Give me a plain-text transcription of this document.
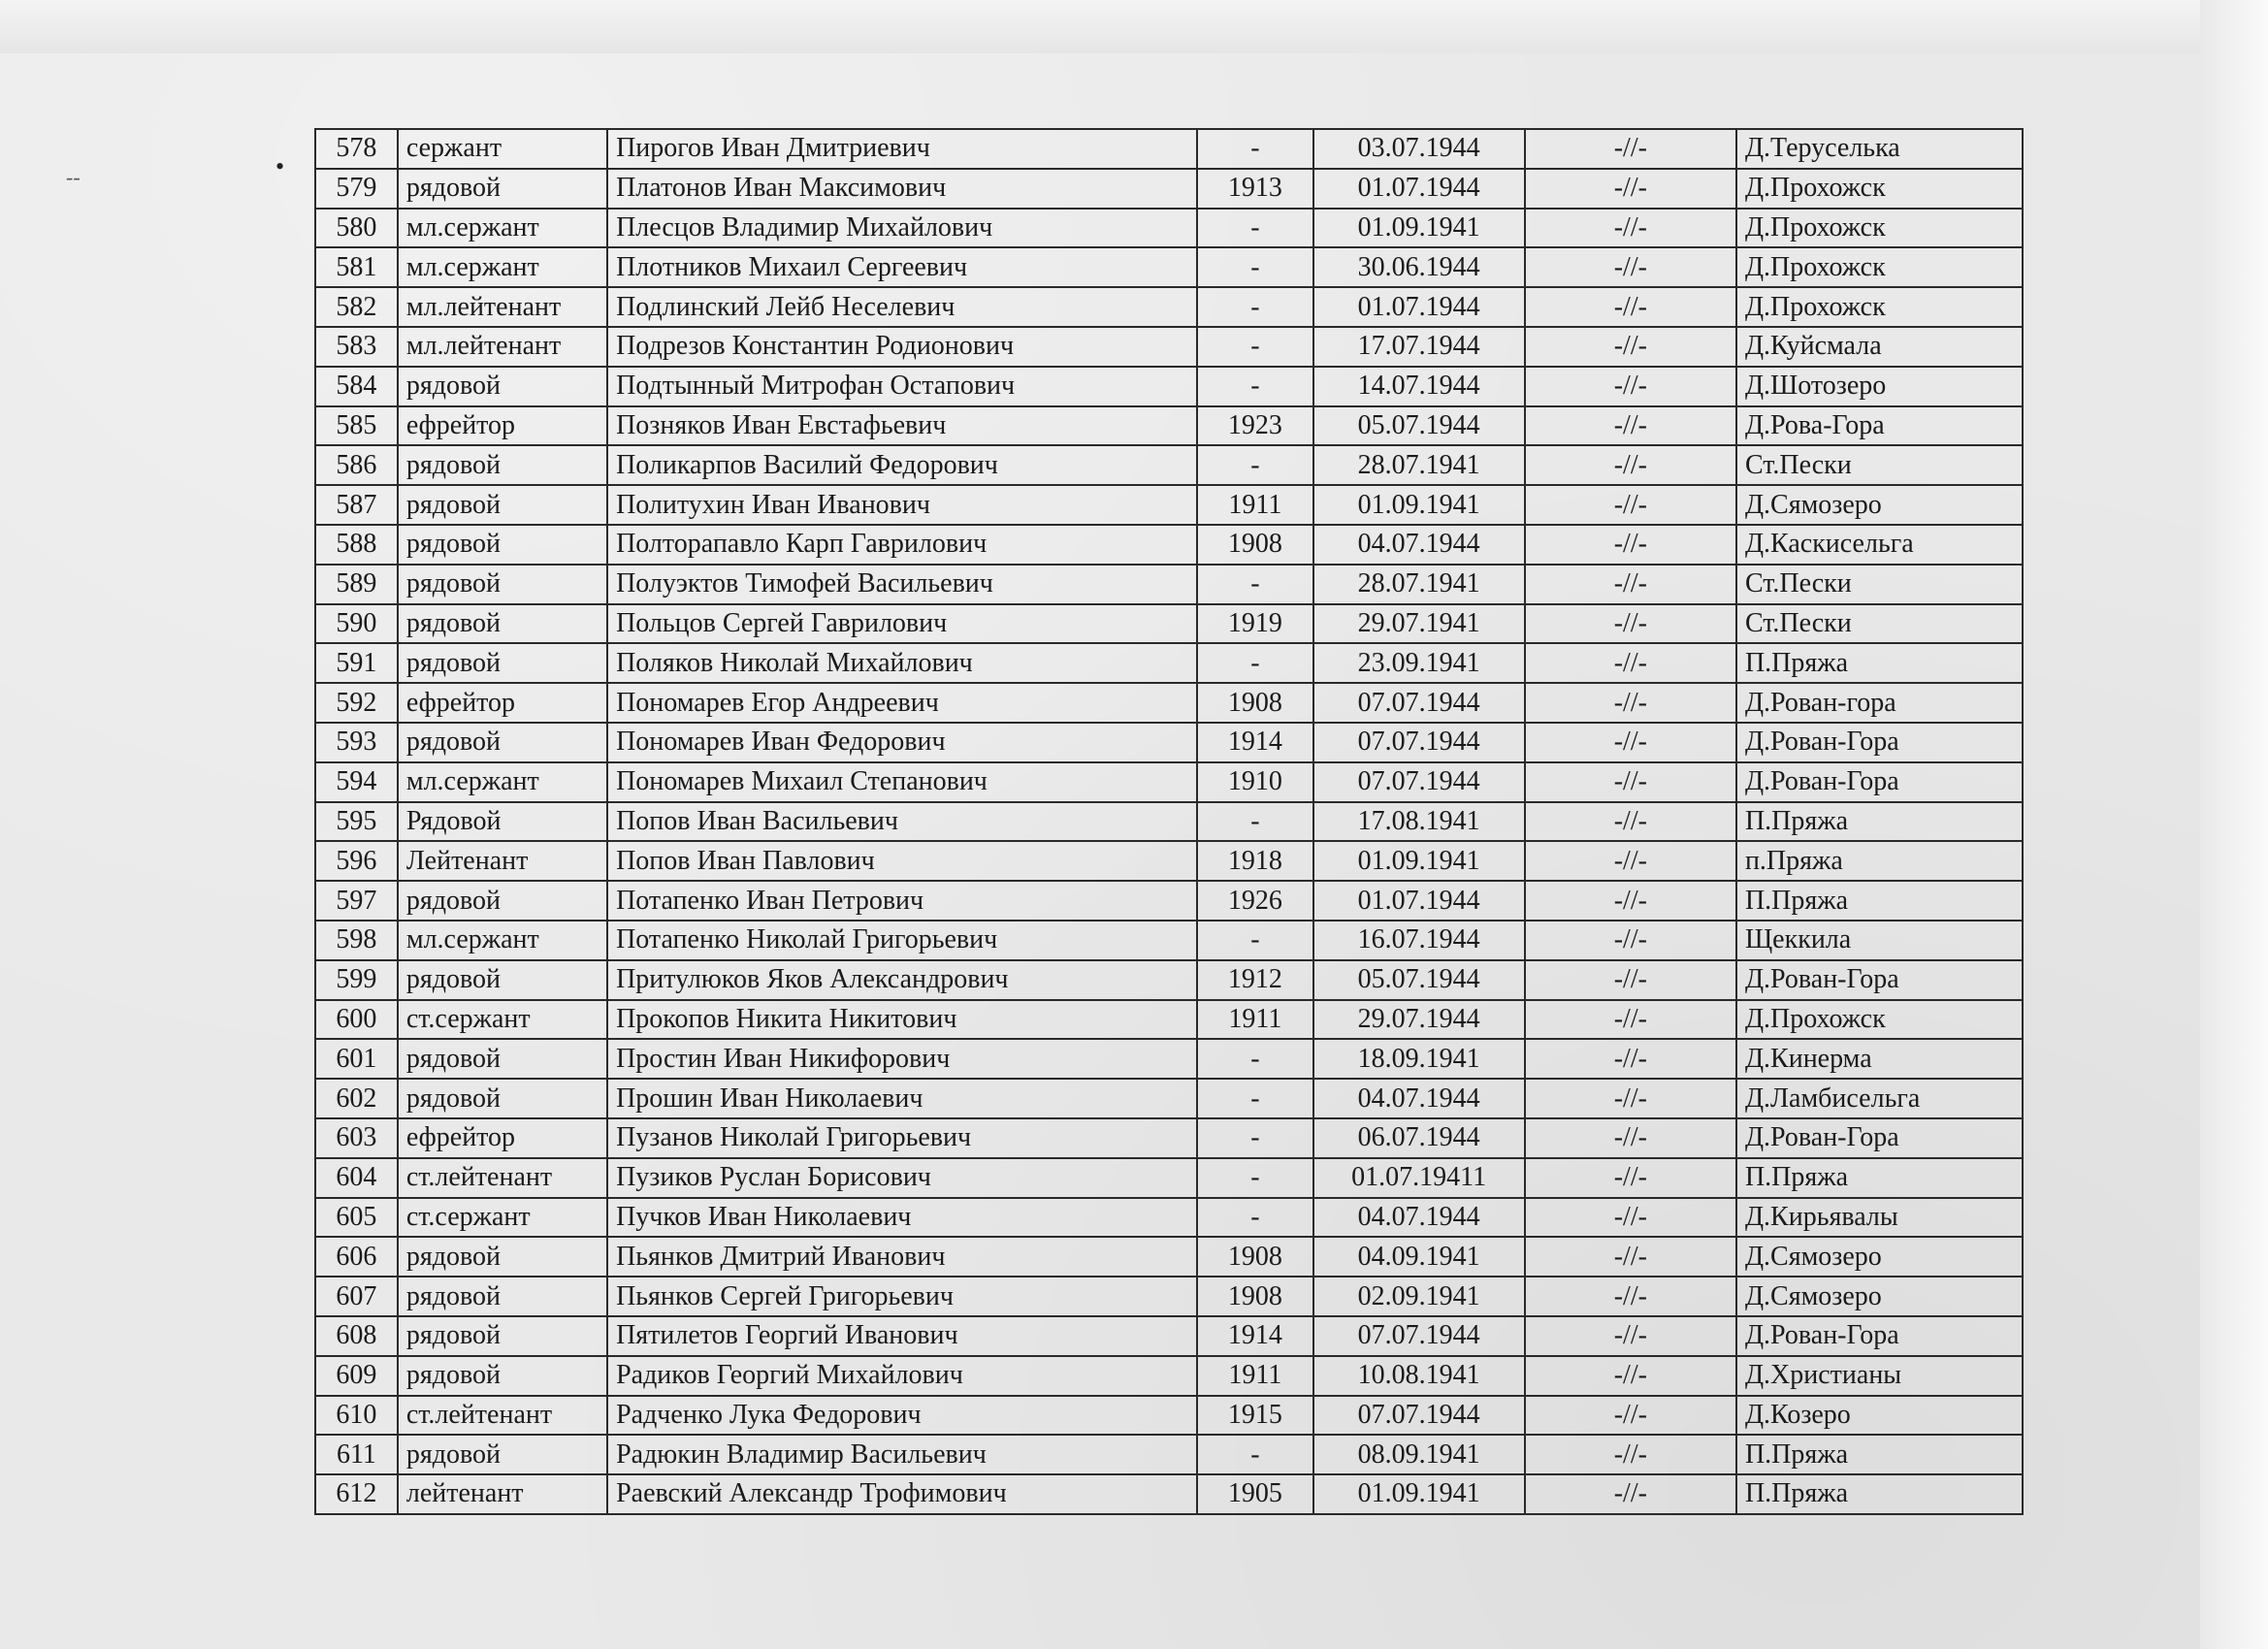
•
--
578	сержант	Пирогов Иван Дмитриевич	-	03.07.1944	-//-	Д.Теруселька
579	рядовой	Платонов Иван Максимович	1913	01.07.1944	-//-	Д.Прохожск
580	мл.сержант	Плесцов Владимир Михайлович	-	01.09.1941	-//-	Д.Прохожск
581	мл.сержант	Плотников Михаил Сергеевич	-	30.06.1944	-//-	Д.Прохожск
582	мл.лейтенант	Подлинский Лейб Неселевич	-	01.07.1944	-//-	Д.Прохожск
583	мл.лейтенант	Подрезов Константин Родионович	-	17.07.1944	-//-	Д.Куйсмала
584	рядовой	Подтынный Митрофан Остапович	-	14.07.1944	-//-	Д.Шотозеро
585	ефрейтор	Позняков Иван Евстафьевич	1923	05.07.1944	-//-	Д.Рова-Гора
586	рядовой	Поликарпов Василий Федорович	-	28.07.1941	-//-	Ст.Пески
587	рядовой	Политухин Иван Иванович	1911	01.09.1941	-//-	Д.Сямозеро
588	рядовой	Полторапавло Карп Гаврилович	1908	04.07.1944	-//-	Д.Каскисельга
589	рядовой	Полуэктов Тимофей Васильевич	-	28.07.1941	-//-	Ст.Пески
590	рядовой	Польцов Сергей Гаврилович	1919	29.07.1941	-//-	Ст.Пески
591	рядовой	Поляков Николай Михайлович	-	23.09.1941	-//-	П.Пряжа
592	ефрейтор	Пономарев Егор Андреевич	1908	07.07.1944	-//-	Д.Рован-гора
593	рядовой	Пономарев Иван Федорович	1914	07.07.1944	-//-	Д.Рован-Гора
594	мл.сержант	Пономарев Михаил Степанович	1910	07.07.1944	-//-	Д.Рован-Гора
595	Рядовой	Попов Иван Васильевич	-	17.08.1941	-//-	П.Пряжа
596	Лейтенант	Попов Иван Павлович	1918	01.09.1941	-//-	п.Пряжа
597	рядовой	Потапенко Иван Петрович	1926	01.07.1944	-//-	П.Пряжа
598	мл.сержант	Потапенко Николай Григорьевич	-	16.07.1944	-//-	Щеккила
599	рядовой	Притулюков Яков Александрович	1912	05.07.1944	-//-	Д.Рован-Гора
600	ст.сержант	Прокопов Никита Никитович	1911	29.07.1944	-//-	Д.Прохожск
601	рядовой	Простин Иван Никифорович	-	18.09.1941	-//-	Д.Кинерма
602	рядовой	Прошин Иван Николаевич	-	04.07.1944	-//-	Д.Ламбисельга
603	ефрейтор	Пузанов Николай Григорьевич	-	06.07.1944	-//-	Д.Рован-Гора
604	ст.лейтенант	Пузиков Руслан Борисович	-	01.07.19411	-//-	П.Пряжа
605	ст.сержант	Пучков Иван Николаевич	-	04.07.1944	-//-	Д.Кирьявалы
606	рядовой	Пьянков Дмитрий Иванович	1908	04.09.1941	-//-	Д.Сямозеро
607	рядовой	Пьянков Сергей Григорьевич	1908	02.09.1941	-//-	Д.Сямозеро
608	рядовой	Пятилетов Георгий Иванович	1914	07.07.1944	-//-	Д.Рован-Гора
609	рядовой	Радиков Георгий Михайлович	1911	10.08.1941	-//-	Д.Христианы
610	ст.лейтенант	Радченко Лука Федорович	1915	07.07.1944	-//-	Д.Козеро
611	рядовой	Радюкин Владимир Васильевич	-	08.09.1941	-//-	П.Пряжа
612	лейтенант	Раевский Александр Трофимович	1905	01.09.1941	-//-	П.Пряжа
